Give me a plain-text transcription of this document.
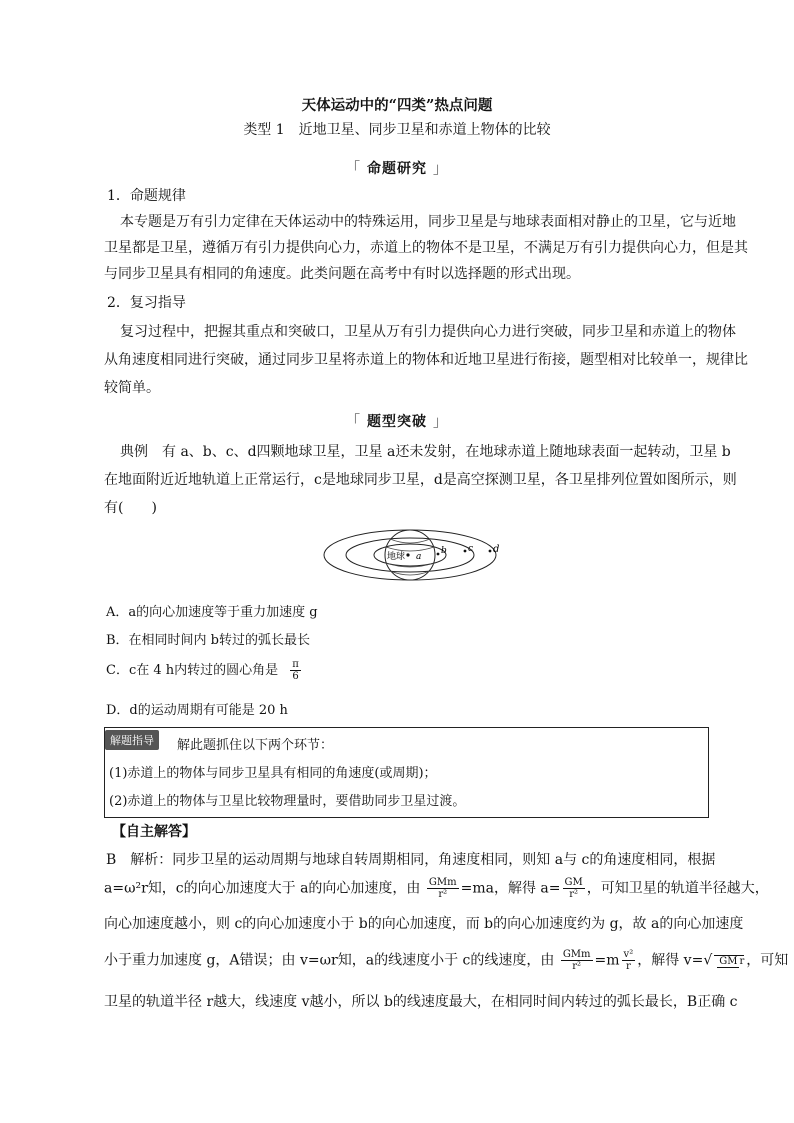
天体运动中的“四类”热点问题
类型 1　近地卫星、同步卫星和赤道上物体的比较
「 命题研究 」
1．命题规律
本专题是万有引力定律在天体运动中的特殊运用，同步卫星是与地球表面相对静止的卫星，它与近地
卫星都是卫星，遵循万有引力提供向心力，赤道上的物体不是卫星，不满足万有引力提供向心力，但是其
与同步卫星具有相同的角速度。此类问题在高考中有时以选择题的形式出现。
2．复习指导
复习过程中，把握其重点和突破口，卫星从万有引力提供向心力进行突破，同步卫星和赤道上的物体
从角速度相同进行突破，通过同步卫星将赤道上的物体和近地卫星进行衔接，题型相对比较单一，规律比
较简单。
「 题型突破 」
典例　有 a、b、c、d四颗地球卫星，卫星 a还未发射，在地球赤道上随地球表面一起转动，卫星 b
在地面附近近地轨道上正常运行，c是地球同步卫星，d是高空探测卫星，各卫星排列位置如图所示，则
有(　　)
地球 a
b c d
A．a的向心加速度等于重力加速度 g
B．在相同时间内 b转过的弧长最长
C．c在 4 h内转过的圆心角是 $\frac{\pi}{6}$
D．d的运动周期有可能是 20 h
解题指导	解此题抓住以下两个环节：
(1)赤道上的物体与同步卫星具有相同的角速度(或周期)；
(2)赤道上的物体与卫星比较物理量时，要借助同步卫星过渡。
【自主解答】
B　解析：同步卫星的运动周期与地球自转周期相同，角速度相同，则知 a与 c的角速度相同，根据
a=ω²r知，c的向心加速度大于 a的向心加速度，由 $\frac{\text{GMm}}{\text{r²}} =ma$，解得 $a= \frac{GM}{\text{r²}}$ ，可知卫星的轨道半径越大，
向心加速度越小，则 c的向心加速度小于 b的向心加速度，而 b的向心加速度约为 g，故 a的向心加速度
小于重力加速度 g，A错误；由 v=ωr知，a的线速度小于 c的线速度，由 $\frac{\text{GMm}}{\text{r²}} =m \frac{\text{v²}}{r}$ ，解得 v=√ GM r ，可知
卫星的轨道半径 r越大，线速度 v越小，所以 b的线速度最大，在相同时间内转过的弧长最长，B正确 c
